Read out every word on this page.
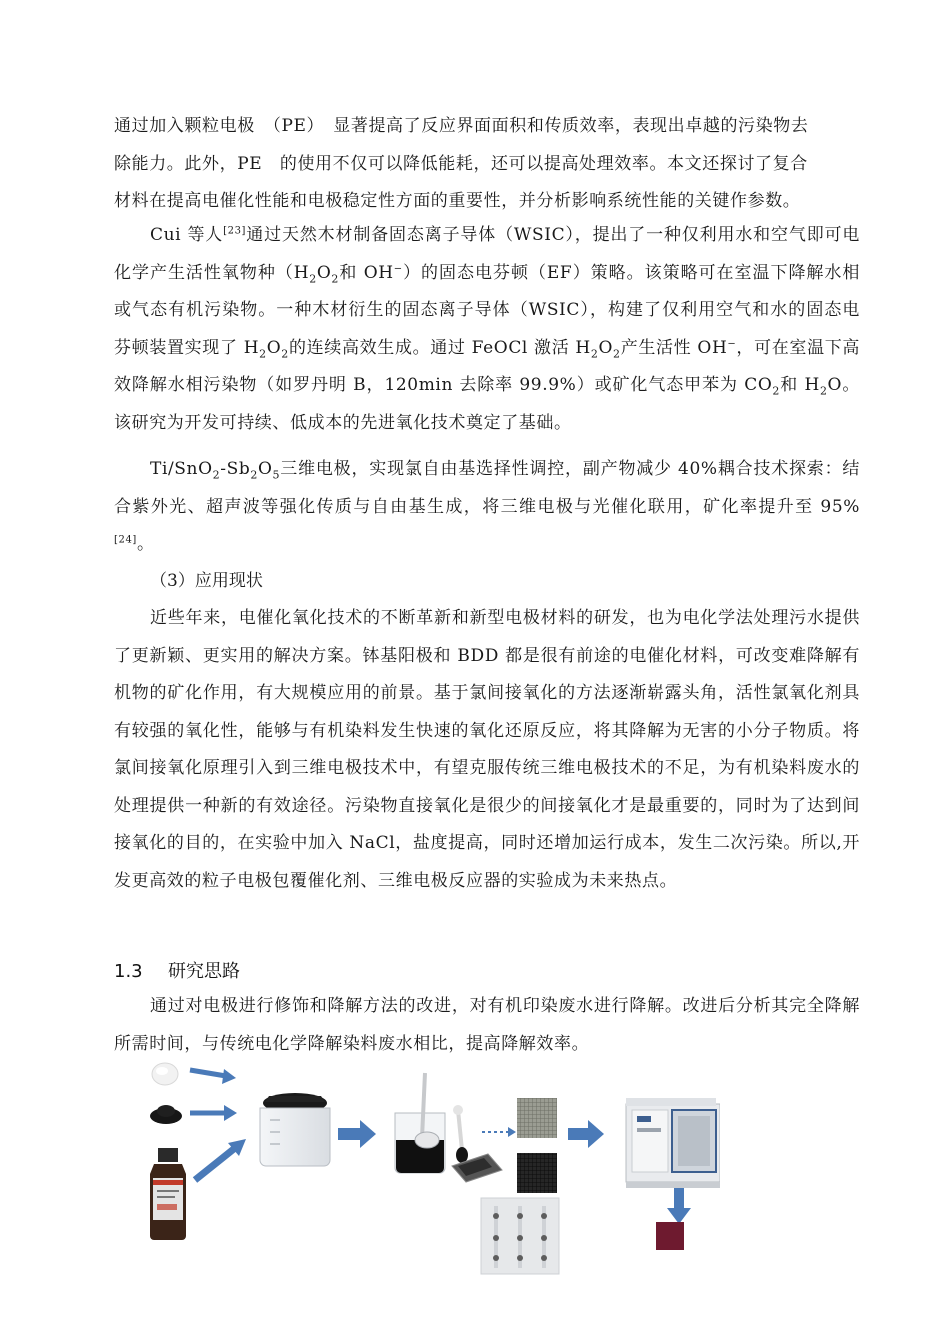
通过加入颗粒电极　（PE）　显著提高了反应界面面积和传质效率，表现出卓越的污染物去
除能力。此外，PE　的使用不仅可以降低能耗，还可以提高处理效率。本文还探讨了复合
材料在提高电催化性能和电极稳定性方面的重要性，并分析影响系统性能的关键作参数。
Cui 等人[23]通过天然木材制备固态离子导体（WSIC），提出了一种仅利用水和空气即可电化学产生活性氧物种（$H_2O_2$和 OH−）的固态电芬顿（EF）策略。该策略可在室温下降解水相或气态有机污染物。一种木材衍生的固态离子导体（WSIC），构建了仅利用空气和水的固态电芬顿装置实现了 $H_2O_2$的连续高效生成。通过 FeOCl 激活 $H_2O_2$产生活性 OH−，可在室温下高效降解水相污染物（如罗丹明 B，120min 去除率 99.9%）或矿化气态甲苯为 $CO_2$和 $H_2O$。该研究为开发可持续、低成本的先进氧化技术奠定了基础。
$Ti/SnO_2-Sb_2O_5$三维电极，实现氯自由基选择性调控，副产物减少 40%耦合技术探索：结合紫外光、超声波等强化传质与自由基生成，将三维电极与光催化联用，矿化率提升至 95%[24]。
（3）应用现状
近些年来，电催化氧化技术的不断革新和新型电极材料的研发，也为电化学法处理污水提供了更新颖、更实用的解决方案。钵基阳极和 BDD 都是很有前途的电催化材料，可改变难降解有机物的矿化作用，有大规模应用的前景。基于氯间接氧化的方法逐渐崭露头角，活性氯氧化剂具有较强的氧化性，能够与有机染料发生快速的氧化还原反应，将其降解为无害的小分子物质。将氯间接氧化原理引入到三维电极技术中，有望克服传统三维电极技术的不足，为有机染料废水的处理提供一种新的有效途径。污染物直接氧化是很少的间接氧化才是最重要的，同时为了达到间接氧化的目的，在实验中加入 NaCl，盐度提高，同时还增加运行成本，发生二次污染。所以,开发更高效的粒子电极包覆催化剂、三维电极反应器的实验成为未来热点。
1.3 研究思路
通过对电极进行修饰和降解方法的改进，对有机印染废水进行降解。改进后分析其完全降解所需时间，与传统电化学降解染料废水相比，提高降解效率。
